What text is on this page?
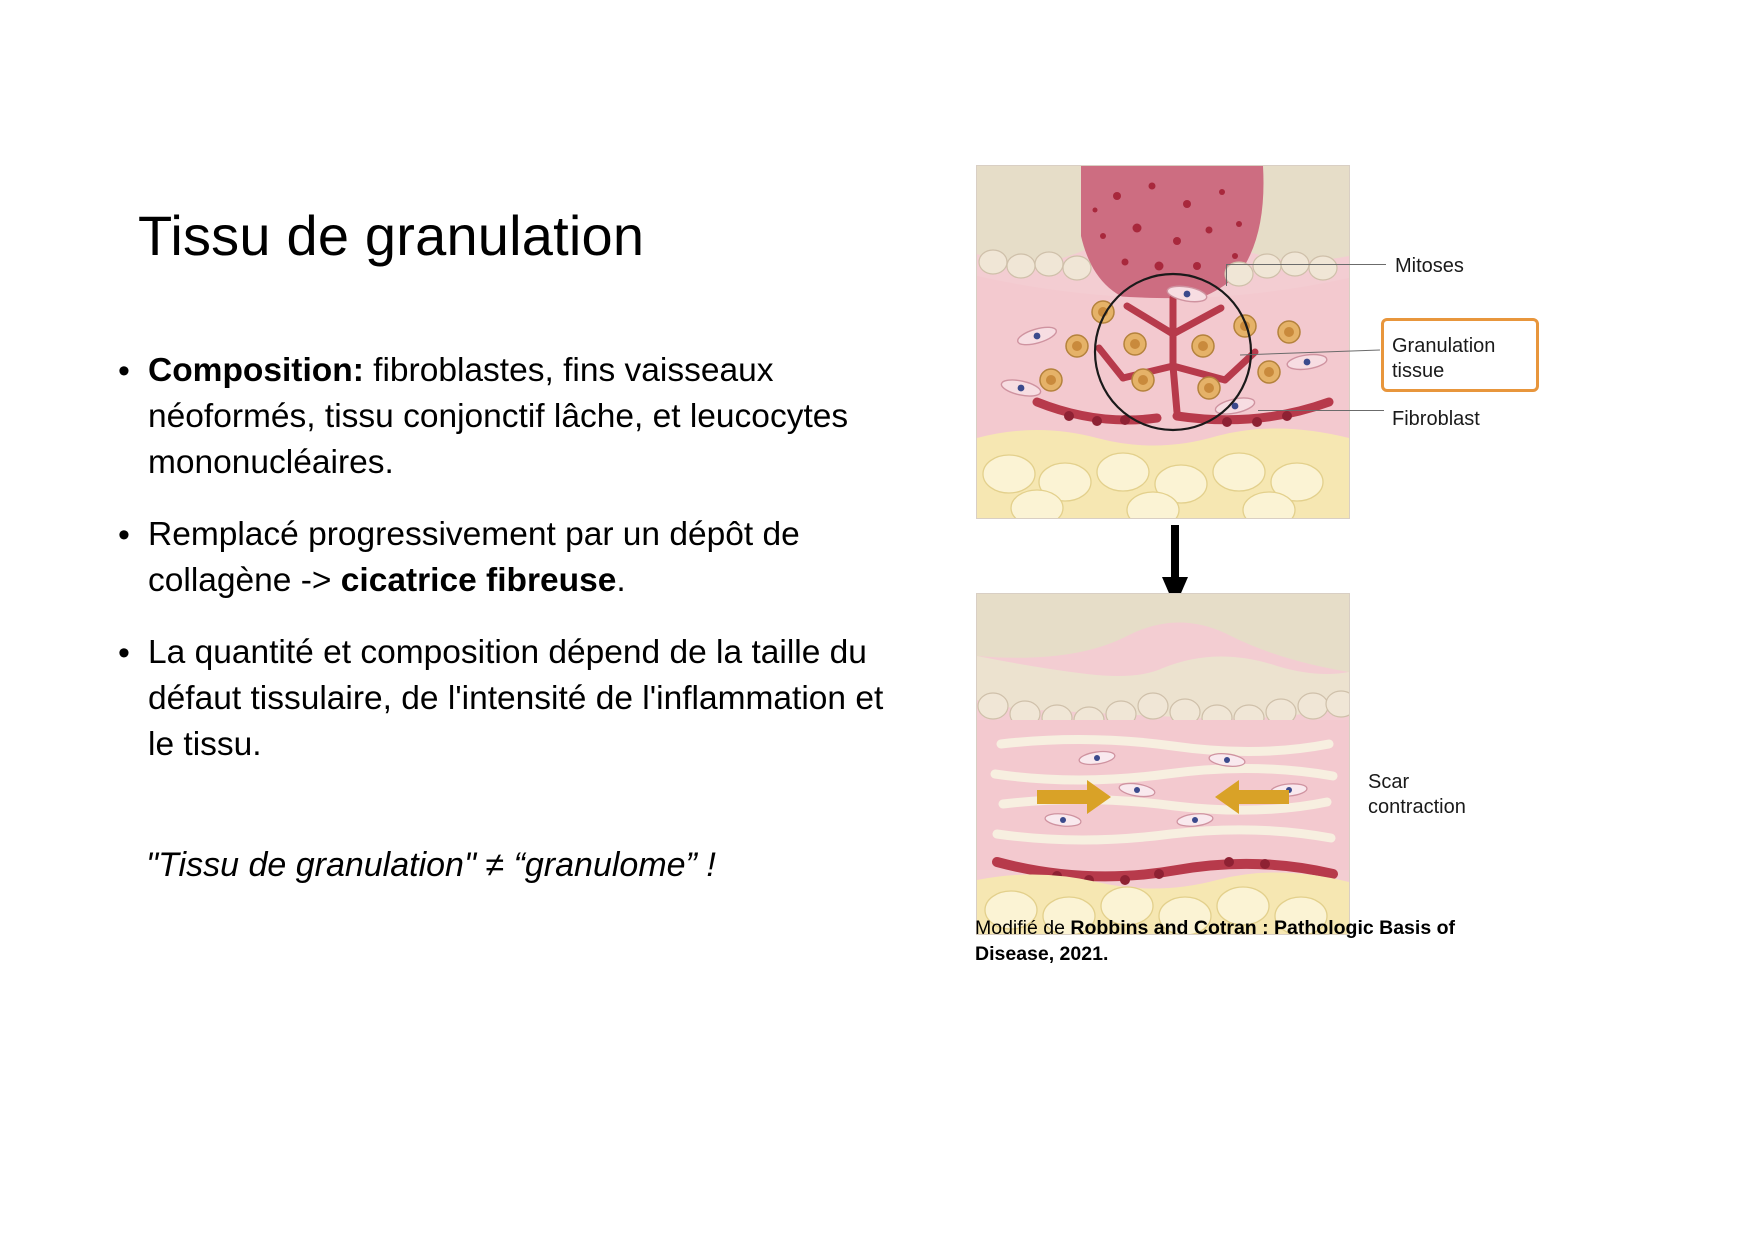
Tissu de granulation
• Composition: fibroblastes, fins vaisseaux néoformés, tissu conjonctif lâche, et leucocytes mononucléaires.
• Remplacé progressivement par un dépôt de collagène -> cicatrice fibreuse.
• La quantité et composition dépend de la taille du défaut tissulaire, de l'intensité de l'inflammation et le tissu.
"Tissu de granulation" ≠ “granulome” !
Mitoses
Granulation
tissue
Fibroblast
Scar
contraction
Modifié de Robbins and Cotran : Pathologic Basis of Disease, 2021.
